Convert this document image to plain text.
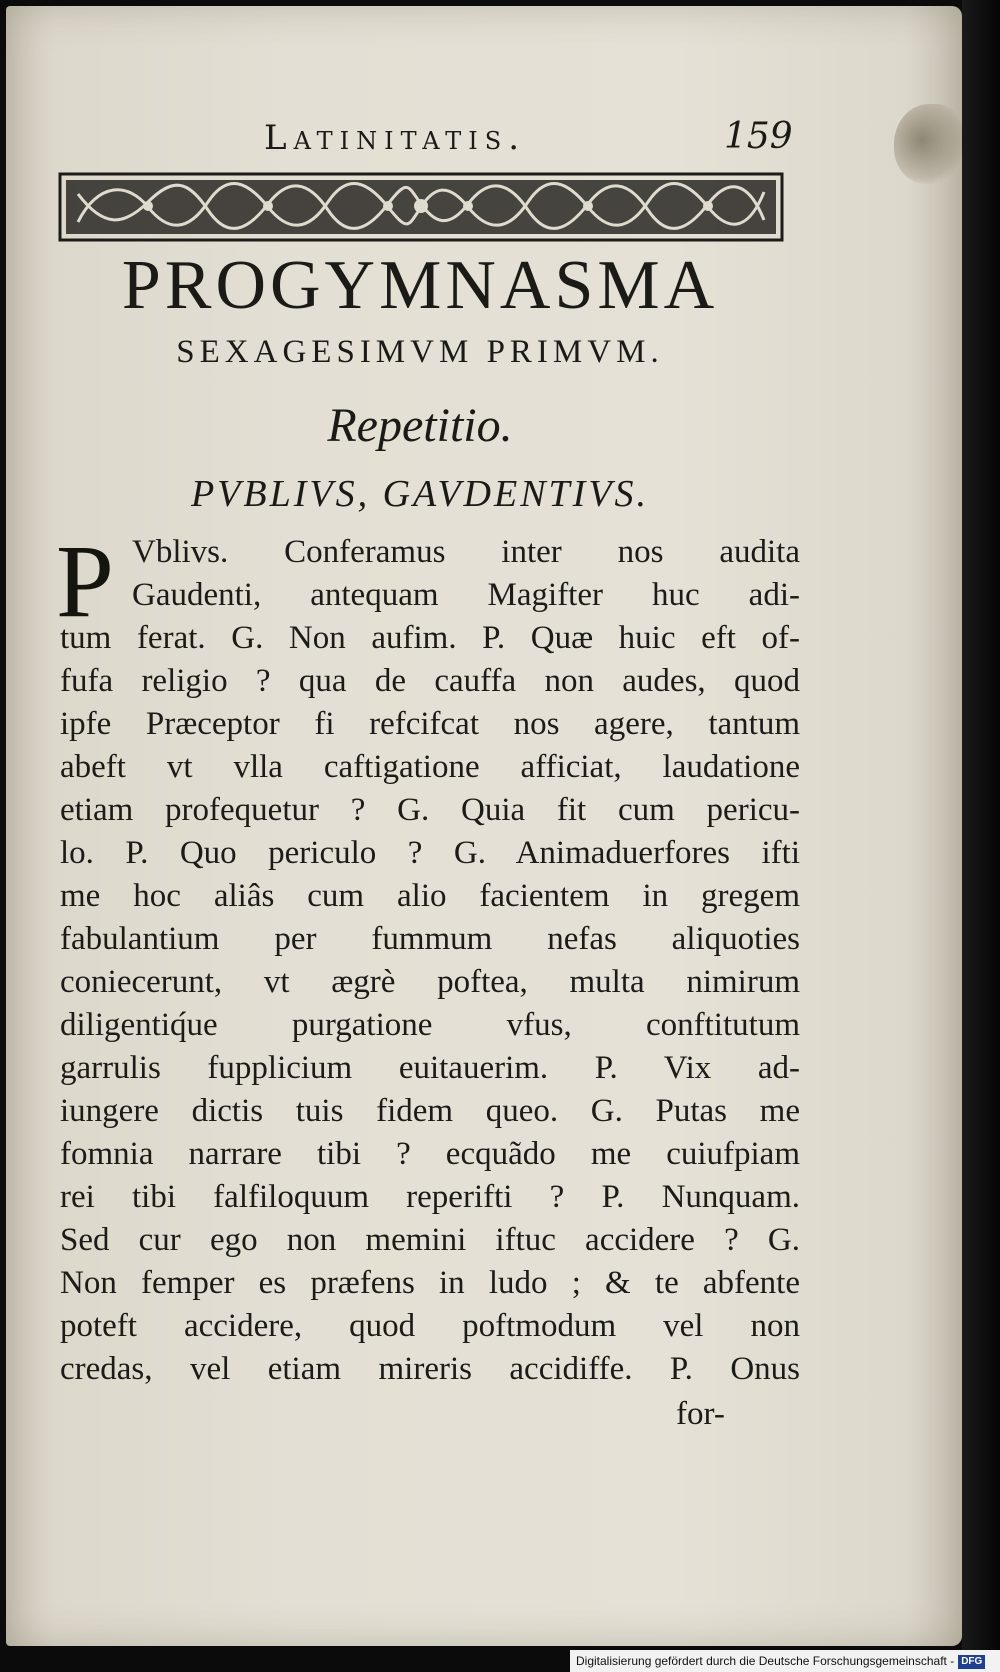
Latinitatis.	159
PROGYMNASMA
SEXAGESIMVM PRIMVM.
Repetitio.
PVBLIVS, GAVDENTIVS.
P Vblivs. Conferamus inter nos audita
Gaudenti, antequam Magifter huc adi-
tum ferat. G. Non aufim. P. Quæ huic eft of-
fufa religio ? qua de cauffa non audes, quod
ipfe Præceptor fi refcifcat nos agere, tantum
abeft vt vlla caftigatione afficiat, laudatione
etiam profequetur ? G. Quia fit cum pericu-
lo. P. Quo periculo ? G. Animaduerfores ifti
me hoc aliâs cum alio facientem in gregem
fabulantium per fummum nefas aliquoties
coniecerunt, vt ægrè poftea, multa nimirum
diligentiq́ue purgatione vfus, conftitutum
garrulis fupplicium euitauerim. P. Vix ad-
iungere dictis tuis fidem queo. G. Putas me
fomnia narrare tibi ? ecquãdo me cuiufpiam
rei tibi falfiloquum reperifti ? P. Nunquam.
Sed cur ego non memini iftuc accidere ? G.
Non femper es præfens in ludo ; & te abfente
poteft accidere, quod poftmodum vel non
credas, vel etiam mireris accidiffe. P. Onus
for-
Digitalisierung gefördert durch die Deutsche Forschungsgemeinschaft - DFG
